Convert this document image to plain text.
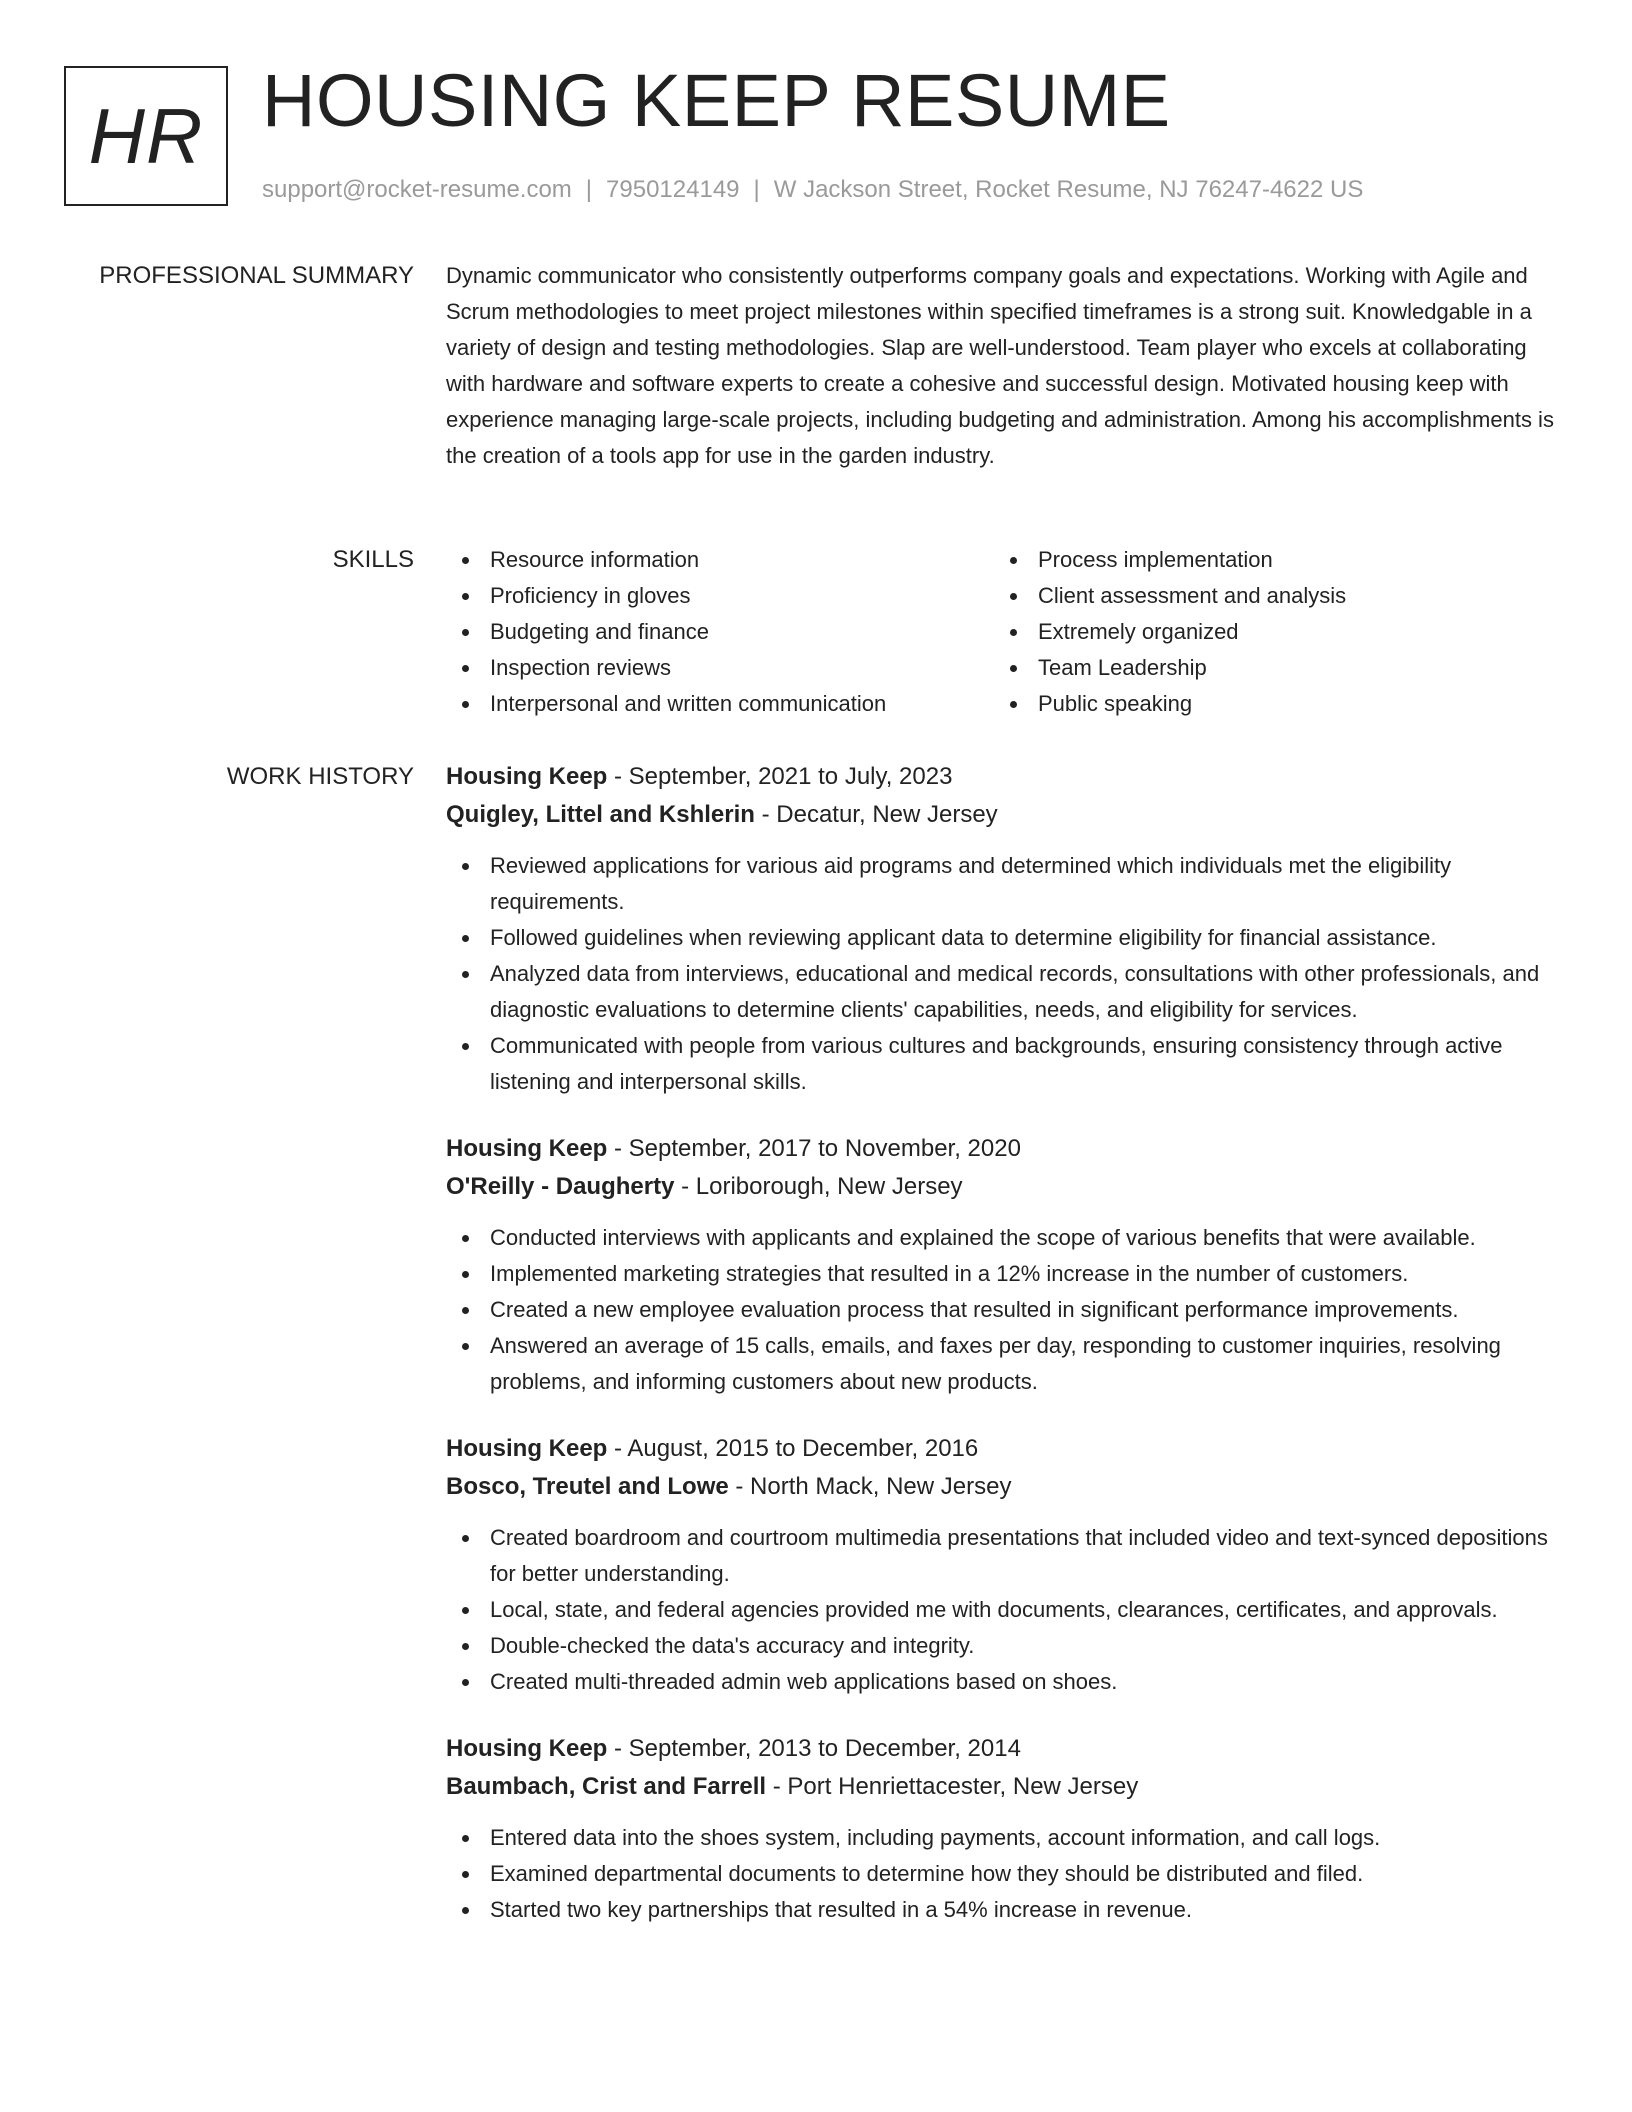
HR HOUSING KEEP RESUME
support@rocket-resume.com | 7950124149 | W Jackson Street, Rocket Resume, NJ 76247-4622 US
PROFESSIONAL SUMMARY Dynamic communicator who consistently outperforms company goals and expectations. Working with Agile and Scrum methodologies to meet project milestones within specified timeframes is a strong suit. Knowledgable in a variety of design and testing methodologies. Slap are well-understood. Team player who excels at collaborating with hardware and software experts to create a cohesive and successful design. Motivated housing keep with experience managing large-scale projects, including budgeting and administration. Among his accomplishments is the creation of a tools app for use in the garden industry.

SKILLS	Resource information
Proficiency in gloves
Budgeting and finance
Inspection reviews
Interpersonal and written communication
Process implementation
Client assessment and analysis
Extremely organized
Team Leadership
Public speaking
WORK HISTORY Housing Keep - September, 2021 to July, 2023
Quigley, Littel and Kshlerin - Decatur, New Jersey
Reviewed applications for various aid programs and determined which individuals met the eligibility requirements.
Followed guidelines when reviewing applicant data to determine eligibility for financial assistance.
Analyzed data from interviews, educational and medical records, consultations with other professionals, and diagnostic evaluations to determine clients' capabilities, needs, and eligibility for services.
Communicated with people from various cultures and backgrounds, ensuring consistency through active listening and interpersonal skills.
Housing Keep - September, 2017 to November, 2020
O'Reilly - Daugherty - Loriborough, New Jersey
Conducted interviews with applicants and explained the scope of various benefits that were available.
Implemented marketing strategies that resulted in a 12% increase in the number of customers.
Created a new employee evaluation process that resulted in significant performance improvements.
Answered an average of 15 calls, emails, and faxes per day, responding to customer inquiries, resolving problems, and informing customers about new products.
Housing Keep - August, 2015 to December, 2016
Bosco, Treutel and Lowe - North Mack, New Jersey
Created boardroom and courtroom multimedia presentations that included video and text-synced depositions for better understanding.
Local, state, and federal agencies provided me with documents, clearances, certificates, and approvals.
Double-checked the data's accuracy and integrity.
Created multi-threaded admin web applications based on shoes.
Housing Keep - September, 2013 to December, 2014
Baumbach, Crist and Farrell - Port Henriettacester, New Jersey
Entered data into the shoes system, including payments, account information, and call logs.
Examined departmental documents to determine how they should be distributed and filed.
Started two key partnerships that resulted in a 54% increase in revenue.
